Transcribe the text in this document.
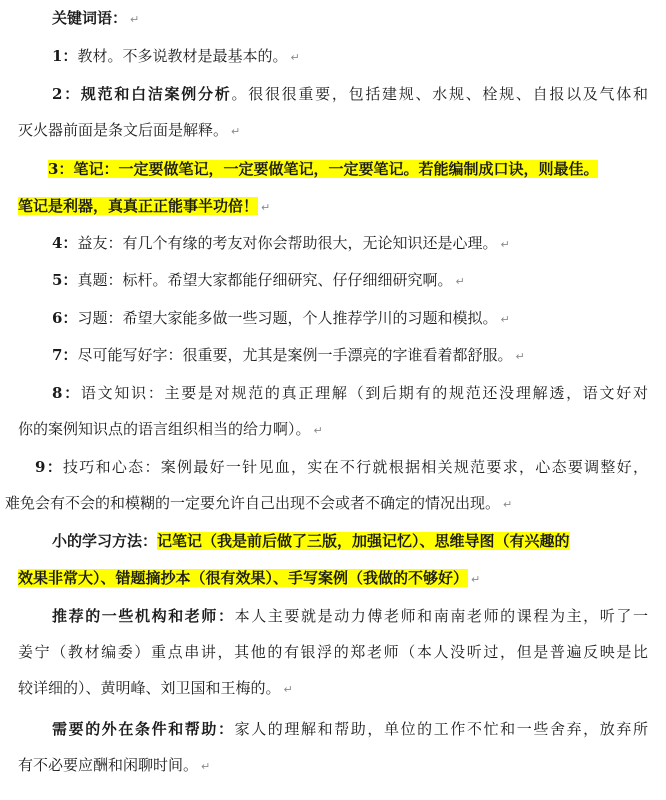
关键词语： ↵
1：教材。不多说教材是最基本的。 ↵
2：规范和白洁案例分析。很很很重要，包括建规、水规、栓规、自报以及气体和
灭火器前面是条文后面是解释。 ↵
3：笔记：一定要做笔记，一定要做笔记，一定要笔记。若能编制成口诀，则最佳。
笔记是利器，真真正正能事半功倍！ ↵
4：益友：有几个有缘的考友对你会帮助很大，无论知识还是心理。 ↵
5：真题：标杆。希望大家都能仔细研究、仔仔细细研究啊。 ↵
6：习题：希望大家能多做一些习题，个人推荐学川的习题和模拟。 ↵
7：尽可能写好字：很重要，尤其是案例一手漂亮的字谁看着都舒服。 ↵
8：语文知识：主要是对规范的真正理解（到后期有的规范还没理解透，语文好对
你的案例知识点的语言组织相当的给力啊）。 ↵
9：技巧和心态：案例最好一针见血，实在不行就根据相关规范要求，心态要调整好，
难免会有不会的和模糊的一定要允许自己出现不会或者不确定的情况出现。 ↵
小的学习方法：记笔记（我是前后做了三版，加强记忆）、思维导图（有兴趣的
效果非常大）、错题摘抄本（很有效果）、手写案例（我做的不够好） ↵
推荐的一些机构和老师：本人主要就是动力傅老师和南南老师的课程为主，听了一
姜宁（教材编委）重点串讲，其他的有银浮的郑老师（本人没听过，但是普遍反映是比
较详细的）、黄明峰、刘卫国和王梅的。 ↵
需要的外在条件和帮助：家人的理解和帮助，单位的工作不忙和一些舍弃，放弃所
有不必要应酬和闲聊时间。 ↵
